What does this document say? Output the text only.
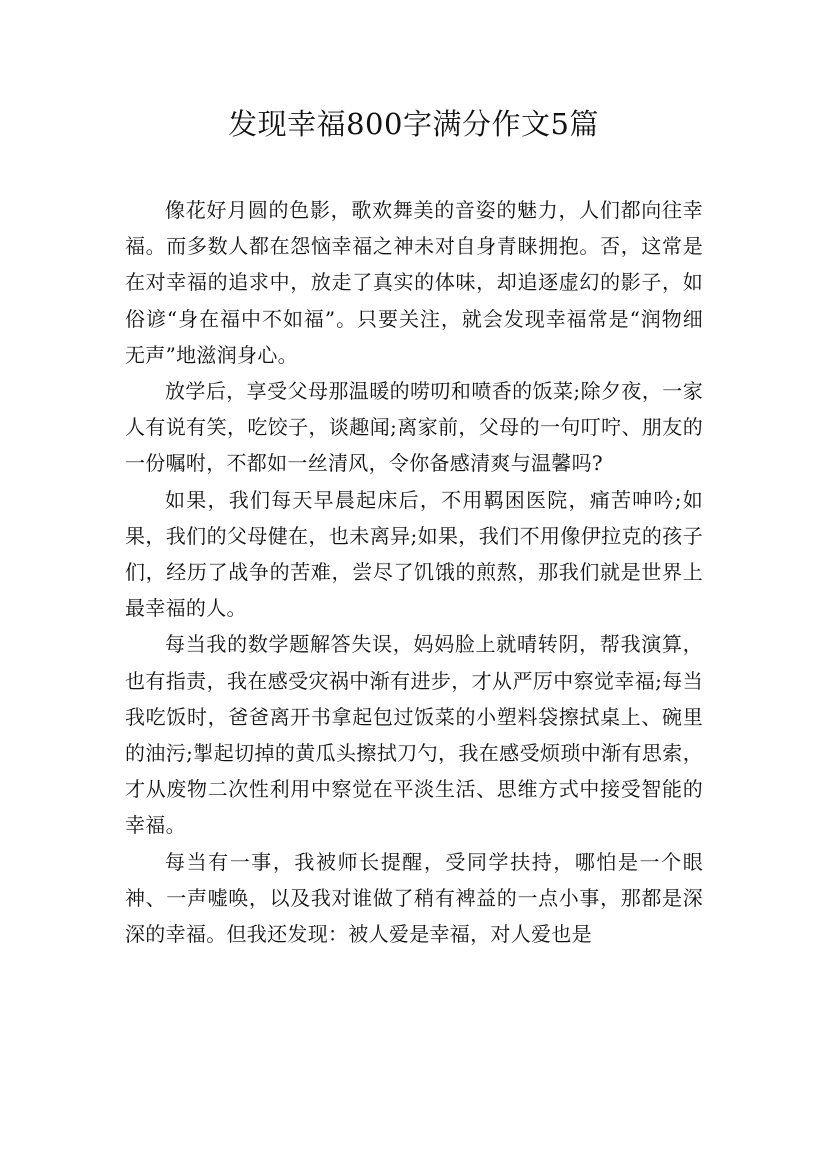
发现幸福800字满分作文5篇

像花好月圆的色影，歌欢舞美的音姿的魅力，人们都向往幸福。而多数人都在怨恼幸福之神未对自身青睐拥抱。否，这常是在对幸福的追求中，放走了真实的体味，却追逐虚幻的影子，如俗谚“身在福中不如福”。只要关注，就会发现幸福常是“润物细无声”地滋润身心。

放学后，享受父母那温暖的唠叨和喷香的饭菜;除夕夜，一家人有说有笑，吃饺子，谈趣闻;离家前，父母的一句叮咛、朋友的一份嘱咐，不都如一丝清风，令你备感清爽与温馨吗?

如果，我们每天早晨起床后，不用羁困医院，痛苦呻吟;如果，我们的父母健在，也未离异;如果，我们不用像伊拉克的孩子们，经历了战争的苦难，尝尽了饥饿的煎熬，那我们就是世界上最幸福的人。

每当我的数学题解答失误，妈妈脸上就晴转阴，帮我演算，也有指责，我在感受灾祸中渐有进步，才从严厉中察觉幸福;每当我吃饭时，爸爸离开书拿起包过饭菜的小塑料袋擦拭桌上、碗里的油污;掣起切掉的黄瓜头擦拭刀勺，我在感受烦琐中渐有思索，才从废物二次性利用中察觉在平淡生活、思维方式中接受智能的幸福。

每当有一事，我被师长提醒，受同学扶持，哪怕是一个眼神、一声嘘唤，以及我对谁做了稍有裨益的一点小事，那都是深深的幸福。但我还发现：被人爱是幸福，对人爱也是
